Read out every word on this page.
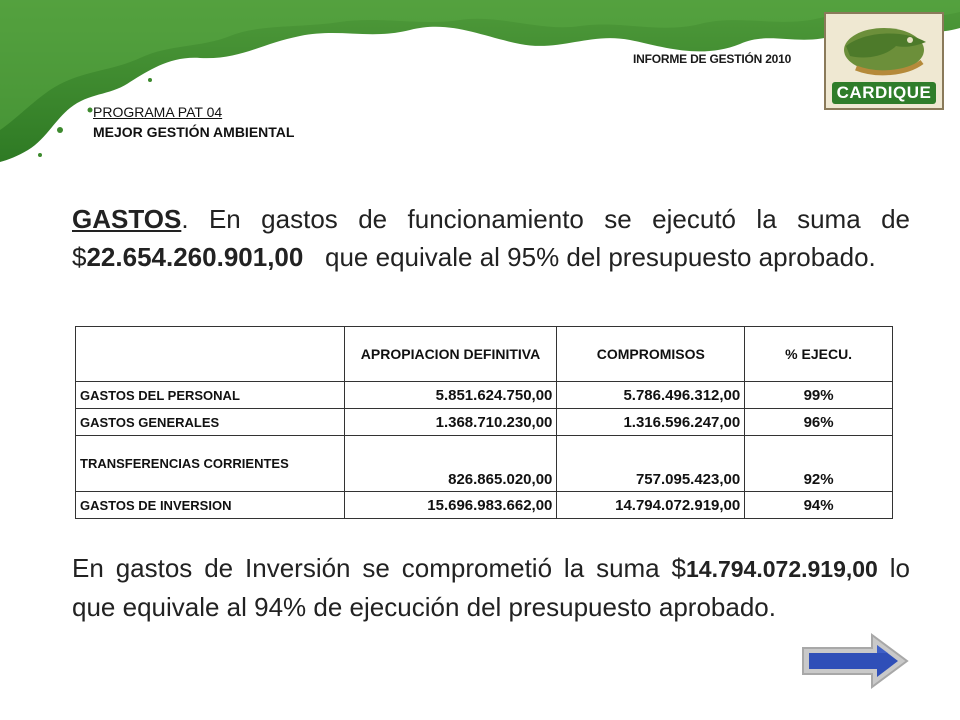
INFORME DE GESTIÓN 2010
CARDIQUE
PROGRAMA PAT 04
MEJOR GESTIÓN AMBIENTAL
GASTOS. En gastos de funcionamiento se ejecutó la suma de $22.654.260.901,00   que equivale al 95% del presupuesto aprobado.
	APROPIACION DEFINITIVA	COMPROMISOS	% EJECU.
GASTOS DEL PERSONAL	5.851.624.750,00	5.786.496.312,00	99%
GASTOS GENERALES	1.368.710.230,00	1.316.596.247,00	96%
TRANSFERENCIAS CORRIENTES	826.865.020,00	757.095.423,00	92%
GASTOS DE INVERSION	15.696.983.662,00	14.794.072.919,00	94%
En gastos de Inversión se comprometió la suma $14.794.072.919,00 lo que equivale al 94% de ejecución del presupuesto aprobado.
